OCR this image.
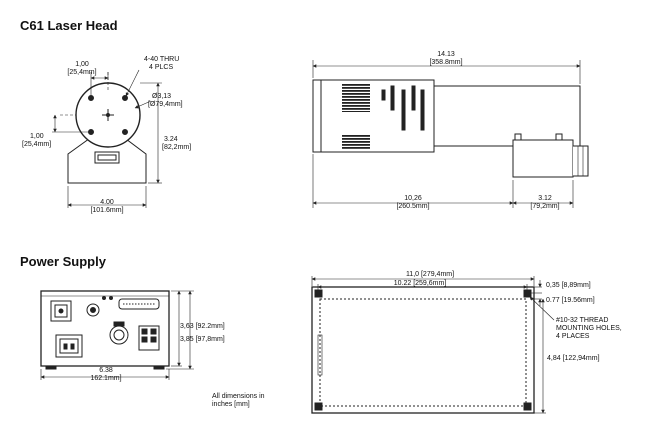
C61 Laser Head
Power Supply
1,00 [25,4mm]
4-40 THRU 4 PLCS
Ø3,13 [Ø79,4mm]
1,00 [25,4mm]
3.24 [82,2mm]
4.00 [101.6mm]
14.13 [358.8mm]
10,26 [260.5mm]
3.12 [79,2mm]
3,63 [92.2mm]
3,85 [97,8mm]
6.38 162.1mm]
11,0 [279,4mm]
10.22 [259,6mm]	0,35 [8,89mm]
0.77 [19.56mm]
#10-32 THREAD MOUNTING HOLES, 4 PLACES
4,84 [122,94mm]
All dimensions in
inches [mm]
